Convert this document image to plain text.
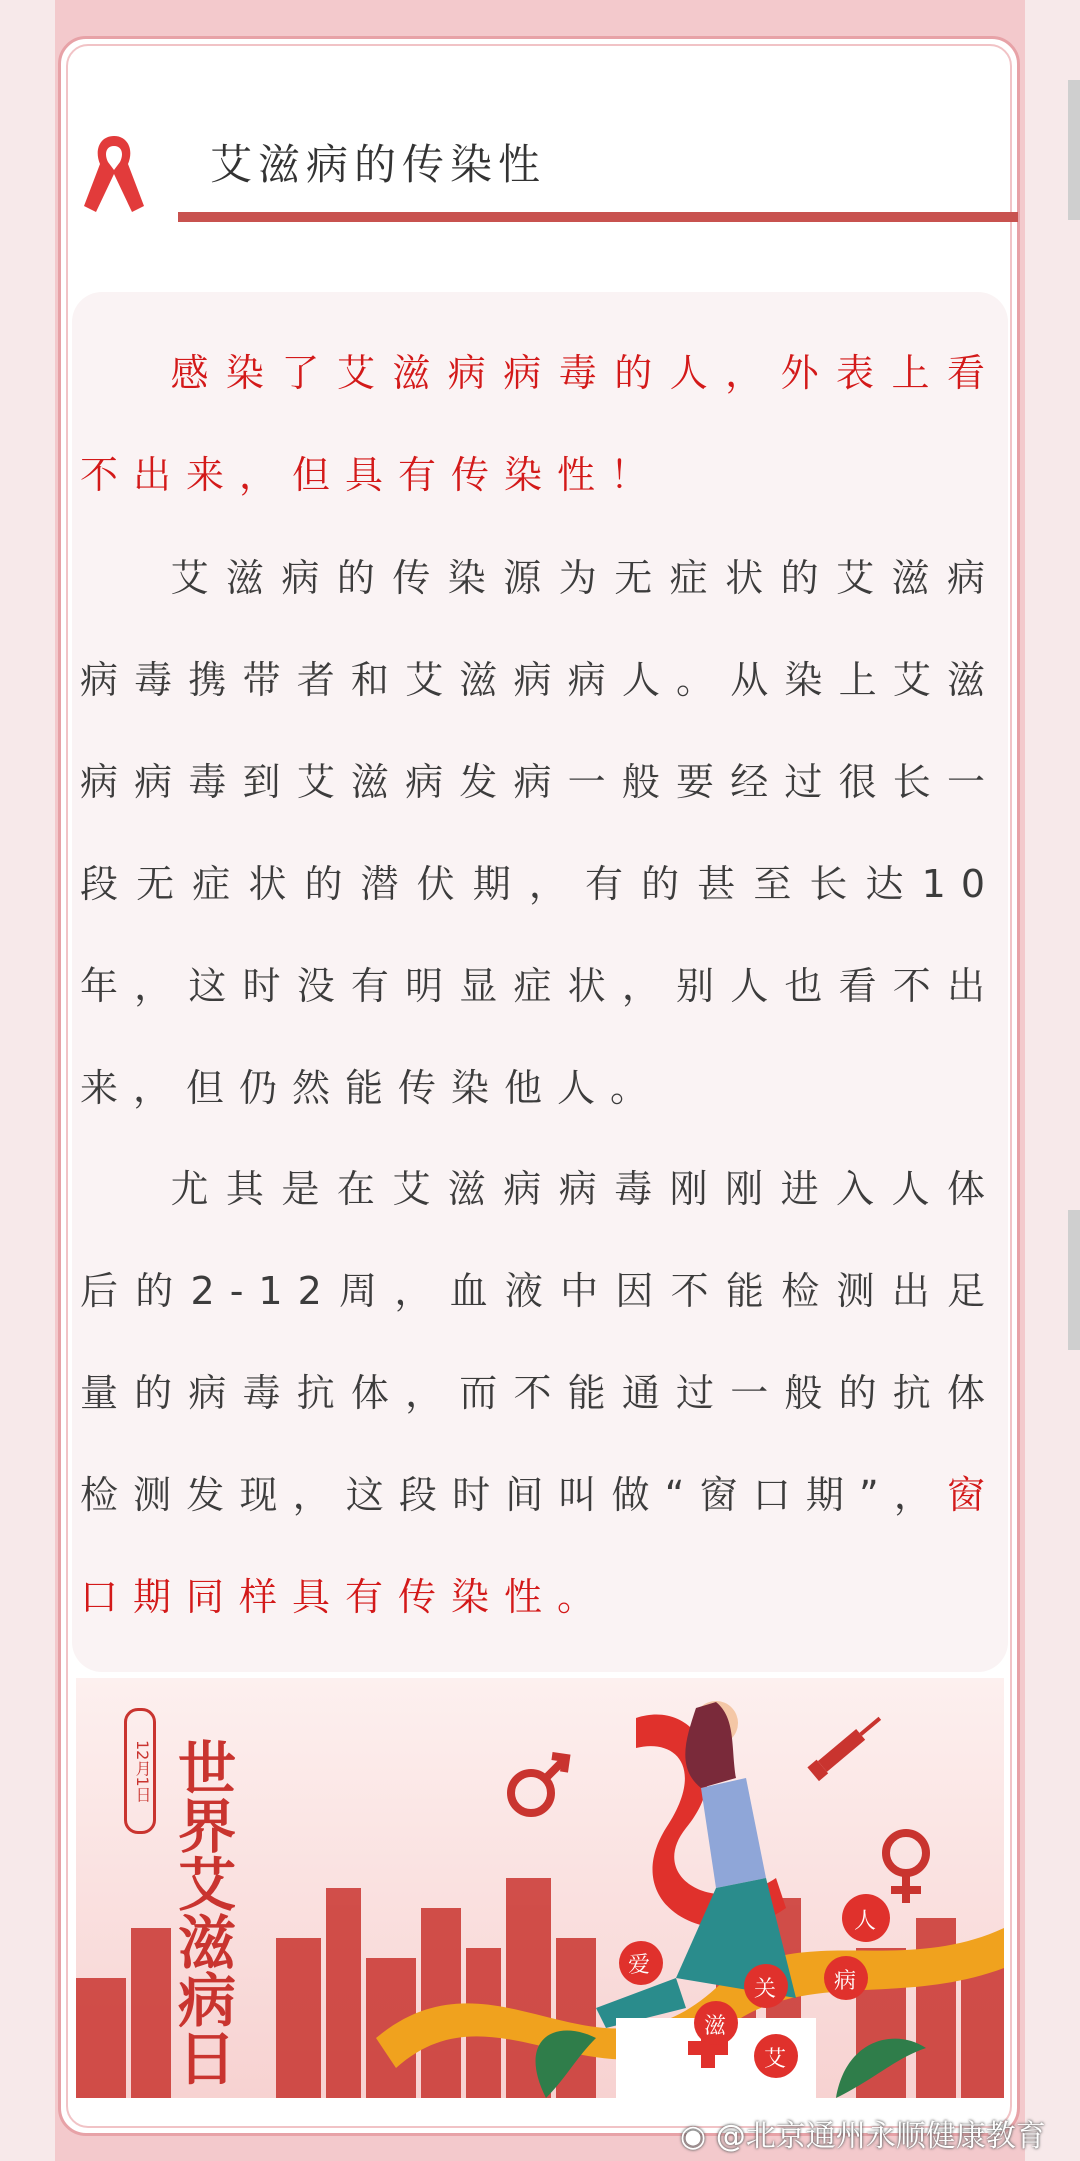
艾滋病的传染性
感染了艾滋病病毒的人，外表上看不出来，但具有传染性！
艾滋病的传染源为无症状的艾滋病病毒携带者和艾滋病病人。从染上艾滋病病毒到艾滋病发病一般要经过很长一段无症状的潜伏期，有的甚至长达10年，这时没有明显症状，别人也看不出来，但仍然能传染他人。
尤其是在艾滋病病毒刚刚进入人体后的2-12周，血液中因不能检测出足量的病毒抗体，而不能通过一般的抗体检测发现，这段时间叫做“窗口期”，窗口期同样具有传染性。
12月1日 世界艾滋病日	爱
滋
关
艾
病
人
◉ @北京通州永顺健康教育
